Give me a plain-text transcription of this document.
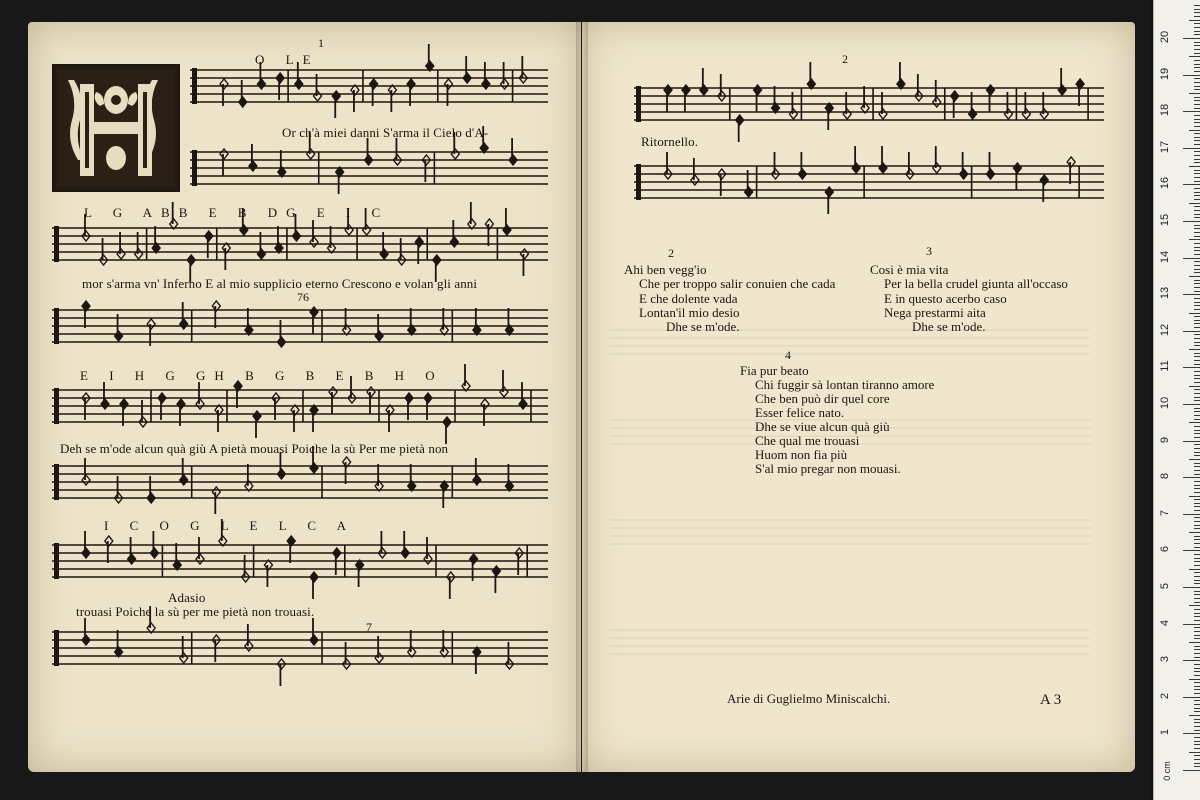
1
O LE
Or ch'à miei danni S'arma il Cielo d'A-
L G ABB E B DG E I C
mor s'arma vn' Inferno E al mio supplicio eterno Crescono e volan gli anni
76
E I H G GH B G B E B H O
Deh se m'ode alcun quà giù A pietà mouasi Poiche la sù Per me pietà non
I C O G L E L C A
Adasio
trouasi Poiche la sù per me pietà non trouasi.
7
2
Ritornello.
2
Ahi ben vegg'io
Che per troppo salir conuien che cada
E che dolente vada
Lontan'il mio desio
Dhe se m'ode.
3
Cosi è mia vita
Per la bella crudel giunta all'occaso
E in questo acerbo caso
Nega prestarmi aita
Dhe se m'ode.
4
Fia pur beato
Chi fuggir sà lontan tiranno amore
Che ben può dir quel core
Esser felice nato.
Dhe se viue alcun quà giù
Che qual me trouasi
Huom non fia più
S'al mio pregar non mouasi.
Arie di Guglielmo Miniscalchi.	A 3
0 cm
1
2
3
4
5
6
7
8
9
10
11
12
13
14
15
16
17
18
19
20
